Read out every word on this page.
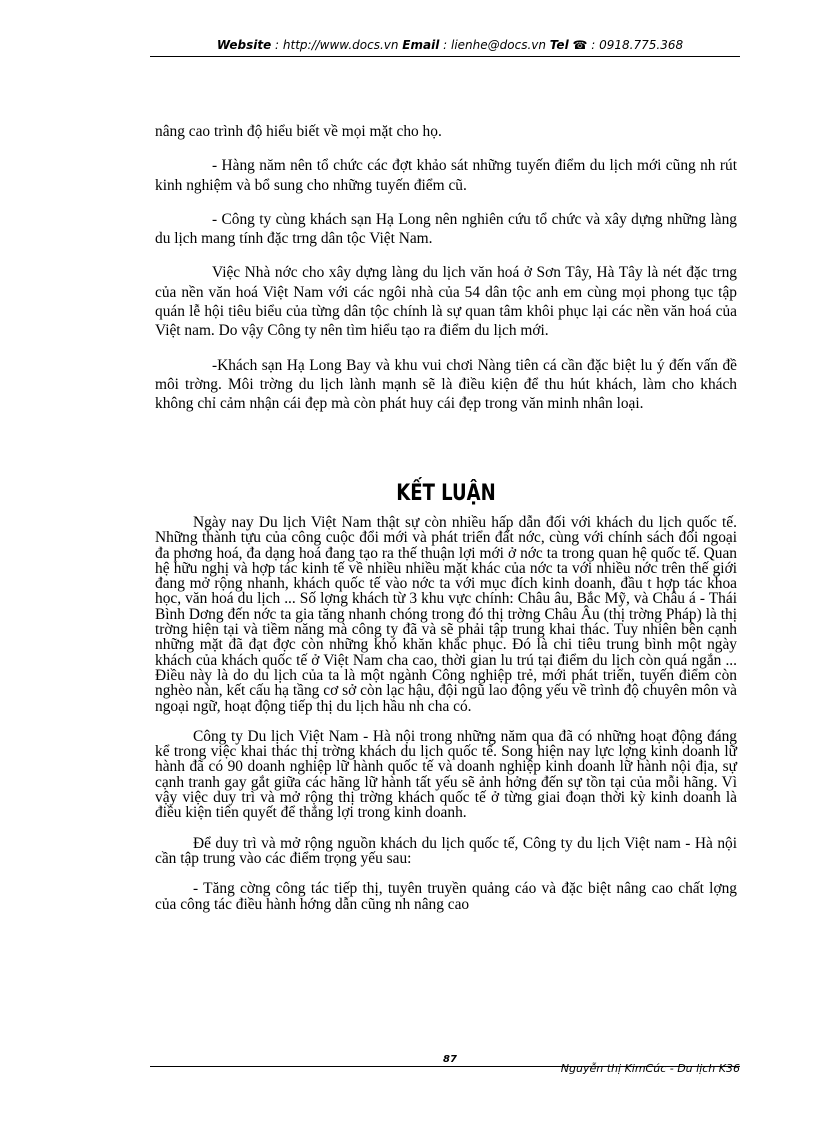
Website : http://www.docs.vn Email : lienhe@docs.vn Tel ☎ : 0918.775.368

nâng cao trình độ hiểu biết về mọi mặt cho họ.

- Hàng năm nên tổ chức các đợt khảo sát những tuyến điểm du lịch mới cũng nh rút kinh nghiệm và bổ sung cho những tuyến điểm cũ.

- Công ty cùng khách sạn Hạ Long nên nghiên cứu tổ chức và xây dựng những làng du lịch mang tính đặc trng dân tộc Việt Nam.

Việc Nhà nớc cho xây dựng làng du lịch văn hoá ở Sơn Tây, Hà Tây là nét đặc trng của nền văn hoá Việt Nam với các ngôi nhà của 54 dân tộc anh em cùng mọi phong tục tập quán lễ hội tiêu biểu của từng dân tộc chính là sự quan tâm khôi phục lại các nền văn hoá của Việt nam. Do vậy Công ty nên tìm hiểu tạo ra điểm du lịch mới.

-Khách sạn Hạ Long Bay và khu vui chơi Nàng tiên cá cần đặc biệt lu ý đến vấn đề môi trờng. Môi trờng du lịch lành mạnh sẽ là điều kiện để thu hút khách, làm cho khách không chỉ cảm nhận cái đẹp mà còn phát huy cái đẹp trong văn minh nhân loại.

KẾT LUẬN

Ngày nay Du lịch Việt Nam thật sự còn nhiều hấp dẫn đối với khách du lịch quốc tế. Những thành tựu của công cuộc đổi mới và phát triển đất nớc, cùng với chính sách đối ngoại đa phơng hoá, đa dạng hoá đang tạo ra thế thuận lợi mới ở nớc ta trong quan hệ quốc tế. Quan hệ hữu nghị và hợp tác kinh tế về nhiều nhiều mặt khác của nớc ta với nhiều nớc trên thế giới đang mở rộng nhanh, khách quốc tế vào nớc ta với mục đích kinh doanh, đầu t hợp tác khoa học, văn hoá du lịch ... Số lợng khách từ 3 khu vực chính: Châu âu, Bắc Mỹ, và Châu á - Thái Bình Dơng đến nớc ta gia tăng nhanh chóng trong đó thị trờng Châu Âu (thị trờng Pháp) là thị trờng hiện tại và tiềm năng mà công ty đã và sẽ phải tập trung khai thác. Tuy nhiên bên cạnh những mặt đã đạt đợc còn những khó khăn khắc phục. Đó là chi tiêu trung bình một ngày khách của khách quốc tế ở Việt Nam cha cao, thời gian lu trú tại điểm du lịch còn quá ngắn ... Điều này là do du lịch của ta là một ngành Công nghiệp trẻ, mới phát triển, tuyến điểm còn nghèo nàn, kết cấu hạ tầng cơ sở còn lạc hậu, đội ngũ lao động yếu về trình độ chuyên môn và ngoại ngữ, hoạt động tiếp thị du lịch hầu nh cha có.

Công ty Du lịch Việt Nam - Hà nội trong những năm qua đã có những hoạt động đáng kể trong việc khai thác thị trờng khách du lịch quốc tế. Song hiện nay lực lợng kinh doanh lữ hành đã có 90 doanh nghiệp lữ hành quốc tế và doanh nghiệp kinh doanh lữ hành nội địa, sự cạnh tranh gay gắt giữa các hãng lữ hành tất yếu sẽ ảnh hởng đến sự tồn tại của mỗi hãng. Vì vậy việc duy trì và mở rộng thị trờng khách quốc tế ở từng giai đoạn thời kỳ kinh doanh là điều kiện tiên quyết để thắng lợi trong kinh doanh.

Để duy trì và mở rộng nguồn khách du lịch quốc tế, Công ty du lịch Việt nam - Hà nội cần tập trung vào các điểm trọng yếu sau:

- Tăng cờng công tác tiếp thị, tuyên truyền quảng cáo và đặc biệt nâng cao chất lợng của công tác điều hành hớng dẫn cũng nh nâng cao

87
Nguyễn thị KimCúc - Du lịch K36
